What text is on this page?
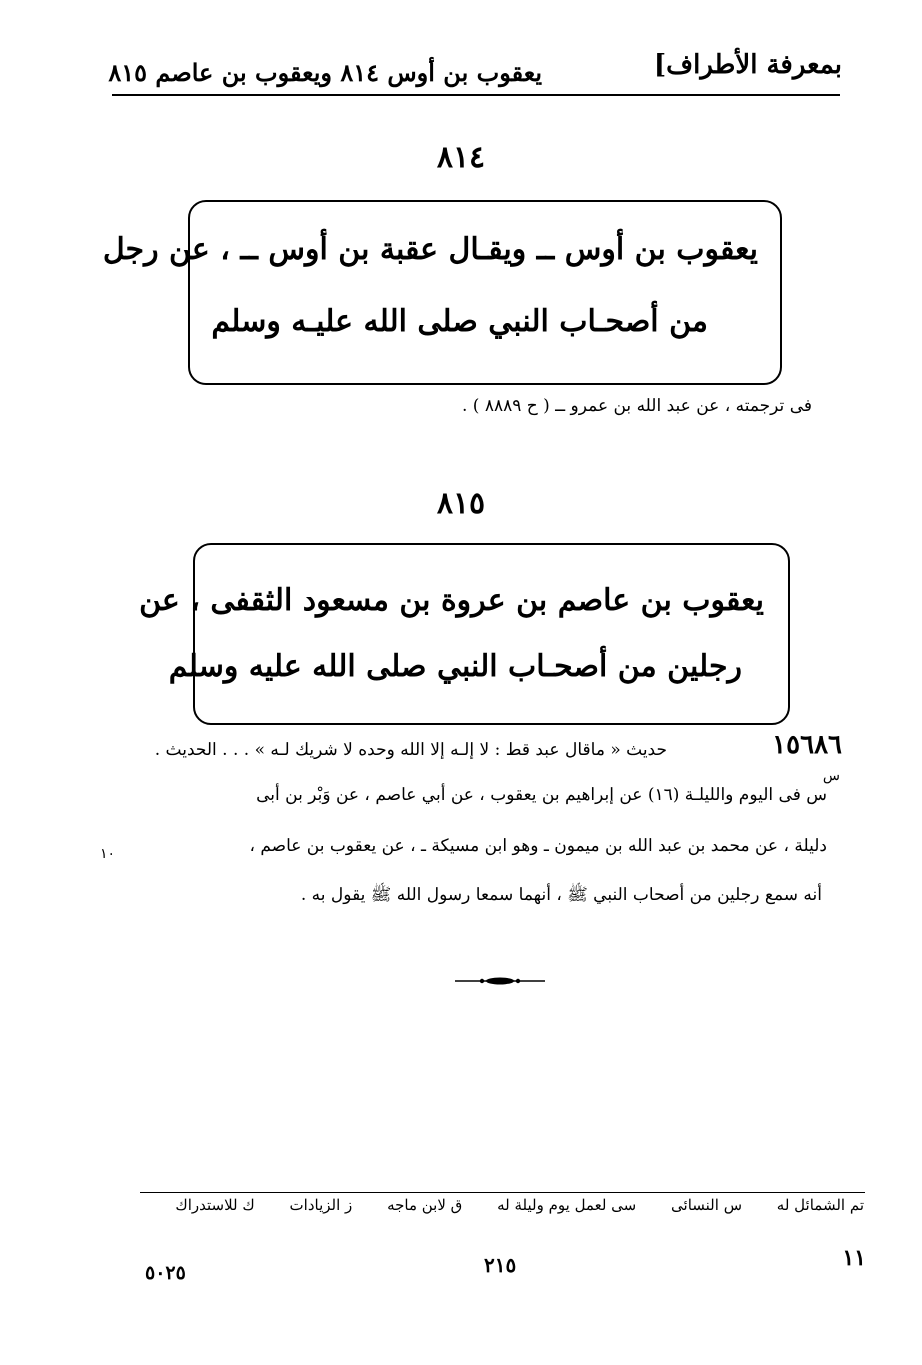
بمعرفة الأطراف]
يعقوب بن أوس ٨١٤ ويعقوب بن عاصم ٨١٥
٨١٤
يعقوب بن أوس ــ ويقـال عقبة بن أوس ــ ، عن رجل
من أصحـاب النبي صلى الله عليـه وسلم
فى ترجمته ، عن عبد الله بن عمرو ــ ( ح ٨٨٨٩ ) .
٨١٥
يعقوب بن عاصم بن عروة بن مسعود الثقفى ، عن
رجلين من أصحـاب النبي صلى الله عليه وسلم
١٥٦٨٦
حديث « ماقال عبد قط : لا إلـه إلا الله وحده لا شريك لـه » . . . الحديث .
س
س فى اليوم والليلـة (١٦) عن إبراهيم بن يعقوب ، عن أبي عاصم ، عن وَبْر بن أبى
دليلة ، عن محمد بن عبد الله بن ميمون ـ وهو ابن مسيكة ـ ، عن يعقوب بن عاصم ،
١٠
أنه سمع رجلين من أصحاب النبي ﷺ ، أنهما سمعا رسول الله ﷺ يقول به .
تم الشمائل له س النسائى سى لعمل يوم وليلة له ق لابن ماجه ز الزيادات ك للاستدراك
١١
٢١٥
٥٠٢٥
